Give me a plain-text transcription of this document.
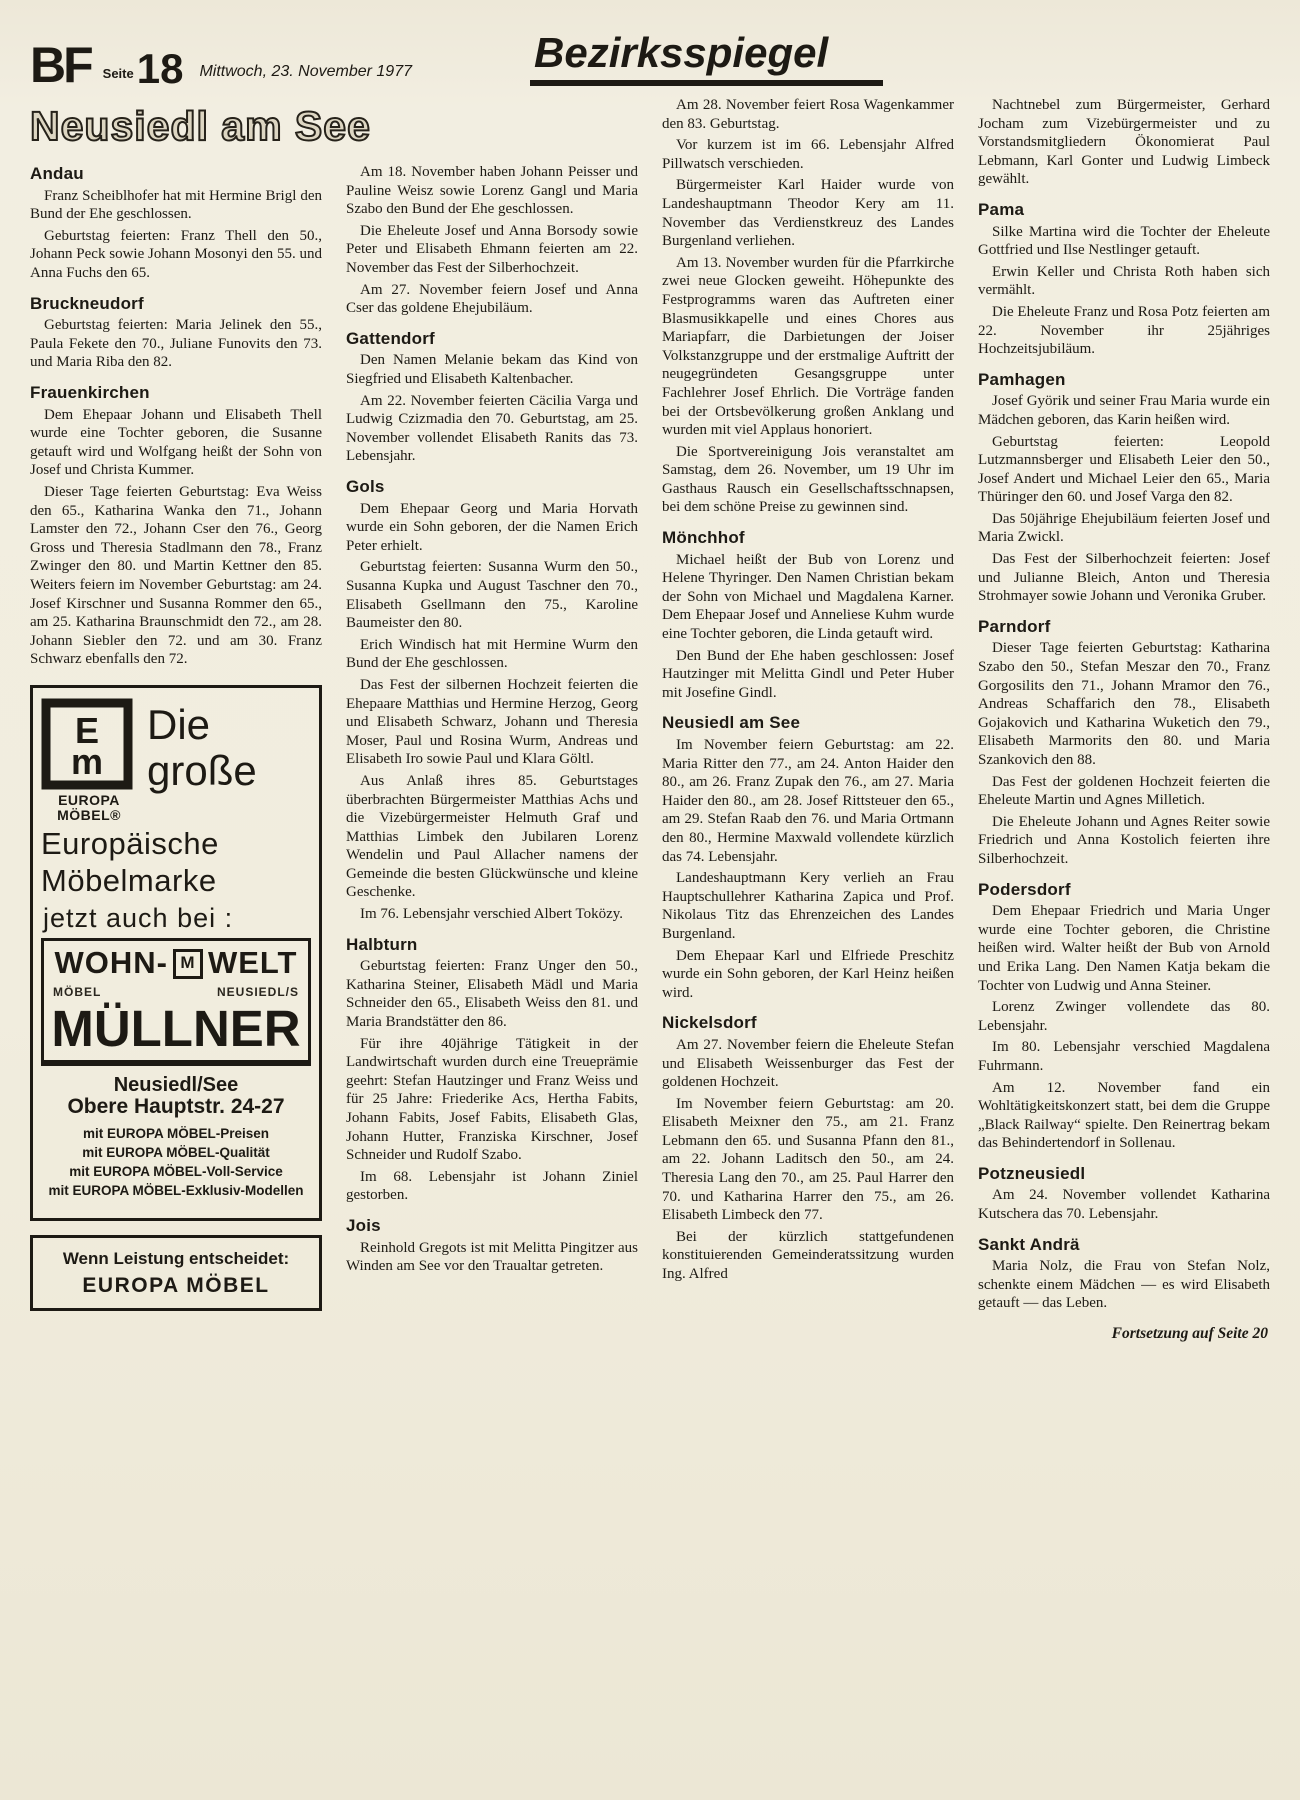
BF Seite 18 Mittwoch, 23. November 1977	Bezirksspiegel
Neusiedl am See
Andau

Franz Scheiblhofer hat mit Hermine Brigl den Bund der Ehe geschlossen.

Geburtstag feierten: Franz Thell den 50., Johann Peck sowie Johann Mosonyi den 55. und Anna Fuchs den 65.

Bruckneudorf

Geburtstag feierten: Maria Jelinek den 55., Paula Fekete den 70., Juliane Funovits den 73. und Maria Riba den 82.

Frauenkirchen

Dem Ehepaar Johann und Elisabeth Thell wurde eine Tochter geboren, die Susanne getauft wird und Wolfgang heißt der Sohn von Josef und Christa Kummer.

Dieser Tage feierten Geburtstag: Eva Weiss den 65., Katharina Wanka den 71., Johann Lamster den 72., Johann Cser den 76., Georg Gross und Theresia Stadlmann den 78., Franz Zwinger den 80. und Martin Kettner den 85. Weiters feiern im November Geburtstag: am 24. Josef Kirschner und Susanna Rommer den 65., am 25. Katharina Braunschmidt den 72., am 28. Johann Siebler den 72. und am 30. Franz Schwarz ebenfalls den 72.

E
m
EUROPA
MÖBEL®
Die
große
Europäische
Möbelmarke
jetzt auch bei :
WOHN- M WELT
MÖBEL	NEUSIEDL/S
MÜLLNER
Neusiedl/See
Obere Hauptstr. 24-27
mit EUROPA MÖBEL-Preisen
mit EUROPA MÖBEL-Qualität
mit EUROPA MÖBEL-Voll-Service
mit EUROPA MÖBEL-Exklusiv-Modellen
Wenn Leistung entscheidet:
EUROPA MÖBEL

Am 18. November haben Johann Peisser und Pauline Weisz sowie Lorenz Gangl und Maria Szabo den Bund der Ehe geschlossen.

Die Eheleute Josef und Anna Borsody sowie Peter und Elisabeth Ehmann feierten am 22. November das Fest der Silberhochzeit.

Am 27. November feiern Josef und Anna Cser das goldene Ehejubiläum.

Gattendorf

Den Namen Melanie bekam das Kind von Siegfried und Elisabeth Kaltenbacher.

Am 22. November feierten Cäcilia Varga und Ludwig Czizmadia den 70. Geburtstag, am 25. November vollendet Elisabeth Ranits das 73. Lebensjahr.

Gols

Dem Ehepaar Georg und Maria Horvath wurde ein Sohn geboren, der die Namen Erich Peter erhielt.

Geburtstag feierten: Susanna Wurm den 50., Susanna Kupka und August Taschner den 70., Elisabeth Gsellmann den 75., Karoline Baumeister den 80.

Erich Windisch hat mit Hermine Wurm den Bund der Ehe geschlossen.

Das Fest der silbernen Hochzeit feierten die Ehepaare Matthias und Hermine Herzog, Georg und Elisabeth Schwarz, Johann und Theresia Moser, Paul und Rosina Wurm, Andreas und Elisabeth Iro sowie Paul und Klara Göltl.

Aus Anlaß ihres 85. Geburtstages überbrachten Bürgermeister Matthias Achs und die Vizebürgermeister Helmuth Graf und Matthias Limbek den Jubilaren Lorenz Wendelin und Paul Allacher namens der Gemeinde die besten Glückwünsche und kleine Geschenke.

Im 76. Lebensjahr verschied Albert Toközy.

Halbturn

Geburtstag feierten: Franz Unger den 50., Katharina Steiner, Elisabeth Mädl und Maria Schneider den 65., Elisabeth Weiss den 81. und Maria Brandstätter den 86.

Für ihre 40jährige Tätigkeit in der Landwirtschaft wurden durch eine Treueprämie geehrt: Stefan Hautzinger und Franz Weiss und für 25 Jahre: Friederike Acs, Hertha Fabits, Johann Fabits, Josef Fabits, Elisabeth Glas, Johann Hutter, Franziska Kirschner, Josef Schneider und Rudolf Szabo.

Im 68. Lebensjahr ist Johann Ziniel gestorben.

Jois

Reinhold Gregots ist mit Melitta Pingitzer aus Winden am See vor den Traualtar getreten.

Am 28. November feiert Rosa Wagenkammer den 83. Geburtstag.

Vor kurzem ist im 66. Lebensjahr Alfred Pillwatsch verschieden.

Bürgermeister Karl Haider wurde von Landeshauptmann Theodor Kery am 11. November das Verdienstkreuz des Landes Burgenland verliehen.

Am 13. November wurden für die Pfarrkirche zwei neue Glocken geweiht. Höhepunkte des Festprogramms waren das Auftreten einer Blasmusikkapelle und eines Chores aus Mariapfarr, die Darbietungen der Joiser Volkstanzgruppe und der erstmalige Auftritt der neugegründeten Gesangsgruppe unter Fachlehrer Josef Ehrlich. Die Vorträge fanden bei der Ortsbevölkerung großen Anklang und wurden mit viel Applaus honoriert.

Die Sportvereinigung Jois veranstaltet am Samstag, dem 26. November, um 19 Uhr im Gasthaus Rausch ein Gesellschaftsschnapsen, bei dem schöne Preise zu gewinnen sind.

Mönchhof

Michael heißt der Bub von Lorenz und Helene Thyringer. Den Namen Christian bekam der Sohn von Michael und Magdalena Karner. Dem Ehepaar Josef und Anneliese Kuhm wurde eine Tochter geboren, die Linda getauft wird.

Den Bund der Ehe haben geschlossen: Josef Hautzinger mit Melitta Gindl und Peter Huber mit Josefine Gindl.

Neusiedl am See

Im November feiern Geburtstag: am 22. Maria Ritter den 77., am 24. Anton Haider den 80., am 26. Franz Zupak den 76., am 27. Maria Haider den 80., am 28. Josef Rittsteuer den 65., am 29. Stefan Raab den 76. und Maria Ortmann den 80., Hermine Maxwald vollendete kürzlich das 74. Lebensjahr.

Landeshauptmann Kery verlieh an Frau Hauptschullehrer Katharina Zapica und Prof. Nikolaus Titz das Ehrenzeichen des Landes Burgenland.

Dem Ehepaar Karl und Elfriede Preschitz wurde ein Sohn geboren, der Karl Heinz heißen wird.

Nickelsdorf

Am 27. November feiern die Eheleute Stefan und Elisabeth Weissenburger das Fest der goldenen Hochzeit.

Im November feiern Geburtstag: am 20. Elisabeth Meixner den 75., am 21. Franz Lebmann den 65. und Susanna Pfann den 81., am 22. Johann Laditsch den 50., am 24. Theresia Lang den 70., am 25. Paul Harrer den 70. und Katharina Harrer den 75., am 26. Elisabeth Limbeck den 77.

Bei der kürzlich stattgefundenen konstituierenden Gemeinderatssitzung wurden Ing. Alfred

Nachtnebel zum Bürgermeister, Gerhard Jocham zum Vizebürgermeister und zu Vorstandsmitgliedern Ökonomierat Paul Lebmann, Karl Gonter und Ludwig Limbeck gewählt.

Pama

Silke Martina wird die Tochter der Eheleute Gottfried und Ilse Nestlinger getauft.

Erwin Keller und Christa Roth haben sich vermählt.

Die Eheleute Franz und Rosa Potz feierten am 22. November ihr 25jähriges Hochzeitsjubiläum.

Pamhagen

Josef Györik und seiner Frau Maria wurde ein Mädchen geboren, das Karin heißen wird.

Geburtstag feierten: Leopold Lutzmannsberger und Elisabeth Leier den 50., Josef Andert und Michael Leier den 65., Maria Thüringer den 60. und Josef Varga den 82.

Das 50jährige Ehejubiläum feierten Josef und Maria Zwickl.

Das Fest der Silberhochzeit feierten: Josef und Julianne Bleich, Anton und Theresia Strohmayer sowie Johann und Veronika Gruber.

Parndorf

Dieser Tage feierten Geburtstag: Katharina Szabo den 50., Stefan Meszar den 70., Franz Gorgosilits den 71., Johann Mramor den 76., Andreas Schaffarich den 78., Elisabeth Gojakovich und Katharina Wuketich den 79., Elisabeth Marmorits den 80. und Maria Szankovich den 88.

Das Fest der goldenen Hochzeit feierten die Eheleute Martin und Agnes Milletich.

Die Eheleute Johann und Agnes Reiter sowie Friedrich und Anna Kostolich feierten ihre Silberhochzeit.

Podersdorf

Dem Ehepaar Friedrich und Maria Unger wurde eine Tochter geboren, die Christine heißen wird. Walter heißt der Bub von Arnold und Erika Lang. Den Namen Katja bekam die Tochter von Ludwig und Anna Steiner.

Lorenz Zwinger vollendete das 80. Lebensjahr.

Im 80. Lebensjahr verschied Magdalena Fuhrmann.

Am 12. November fand ein Wohltätigkeitskonzert statt, bei dem die Gruppe „Black Railway“ spielte. Den Reinertrag bekam das Behindertendorf in Sollenau.

Potzneusiedl

Am 24. November vollendet Katharina Kutschera das 70. Lebensjahr.

Sankt Andrä

Maria Nolz, die Frau von Stefan Nolz, schenkte einem Mädchen — es wird Elisabeth getauft — das Leben.

Fortsetzung auf Seite 20
